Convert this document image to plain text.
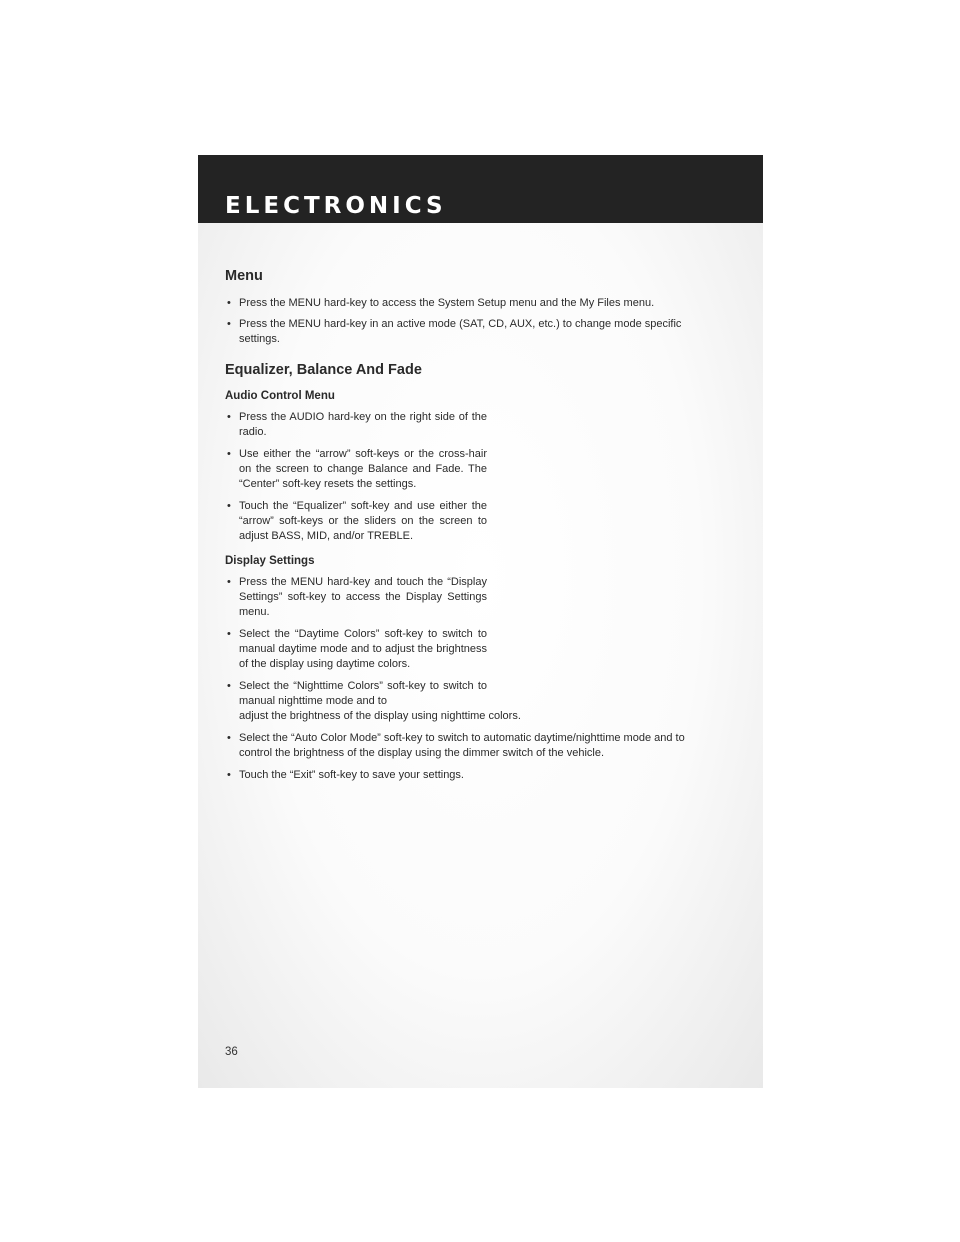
ELECTRONICS
Menu
• Press the MENU hard-key to access the System Setup menu and the My Files menu.
• Press the MENU hard-key in an active mode (SAT, CD, AUX, etc.) to change mode specific settings.
Equalizer, Balance And Fade
Audio Control Menu
• Press the AUDIO hard-key on the right side of the radio.
• Use either the “arrow” soft-keys or the cross-hair on the screen to change Balance and Fade. The “Center” soft-key resets the settings.
• Touch the “Equalizer” soft-key and use either the “arrow” soft-keys or the sliders on the screen to adjust BASS, MID, and/or TREBLE.
Display Settings
• Press the MENU hard-key and touch the “Display Settings” soft-key to access the Display Settings menu.
• Select the “Daytime Colors” soft-key to switch to manual daytime mode and to adjust the brightness of the display using daytime colors.
• Select the “Nighttime Colors” soft-key to switch to manual nighttime mode and to
adjust the brightness of the display using nighttime colors.
• Select the “Auto Color Mode” soft-key to switch to automatic daytime/nighttime mode and to control the brightness of the display using the dimmer switch of the vehicle.
• Touch the “Exit” soft-key to save your settings.
36
